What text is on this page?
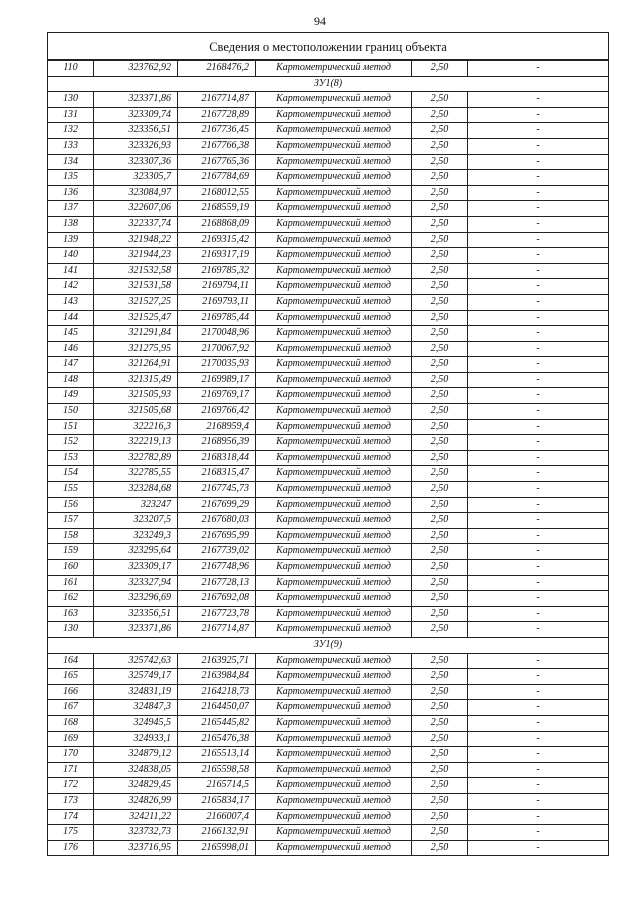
94
Сведения о местоположении границ объекта
110	323762,92	2168476,2	Картометрический метод	2,50	-
ЗУ1(8)					
130	323371,86	2167714,87	Картометрический метод	2,50	-
131	323309,74	2167728,89	Картометрический метод	2,50	-
132	323356,51	2167736,45	Картометрический метод	2,50	-
133	323326,93	2167766,38	Картометрический метод	2,50	-
134	323307,36	2167765,36	Картометрический метод	2,50	-
135	323305,7	2167784,69	Картометрический метод	2,50	-
136	323084,97	2168012,55	Картометрический метод	2,50	-
137	322607,06	2168559,19	Картометрический метод	2,50	-
138	322337,74	2168868,09	Картометрический метод	2,50	-
139	321948,22	2169315,42	Картометрический метод	2,50	-
140	321944,23	2169317,19	Картометрический метод	2,50	-
141	321532,58	2169785,32	Картометрический метод	2,50	-
142	321531,58	2169794,11	Картометрический метод	2,50	-
143	321527,25	2169793,11	Картометрический метод	2,50	-
144	321525,47	2169785,44	Картометрический метод	2,50	-
145	321291,84	2170048,96	Картометрический метод	2,50	-
146	321275,95	2170067,92	Картометрический метод	2,50	-
147	321264,91	2170035,93	Картометрический метод	2,50	-
148	321315,49	2169989,17	Картометрический метод	2,50	-
149	321505,93	2169769,17	Картометрический метод	2,50	-
150	321505,68	2169766,42	Картометрический метод	2,50	-
151	322216,3	2168959,4	Картометрический метод	2,50	-
152	322219,13	2168956,39	Картометрический метод	2,50	-
153	322782,89	2168318,44	Картометрический метод	2,50	-
154	322785,55	2168315,47	Картометрический метод	2,50	-
155	323284,68	2167745,73	Картометрический метод	2,50	-
156	323247	2167699,29	Картометрический метод	2,50	-
157	323207,5	2167680,03	Картометрический метод	2,50	-
158	323249,3	2167695,99	Картометрический метод	2,50	-
159	323295,64	2167739,02	Картометрический метод	2,50	-
160	323309,17	2167748,96	Картометрический метод	2,50	-
161	323327,94	2167728,13	Картометрический метод	2,50	-
162	323296,69	2167692,08	Картометрический метод	2,50	-
163	323356,51	2167723,78	Картометрический метод	2,50	-
130	323371,86	2167714,87	Картометрический метод	2,50	-
ЗУ1(9)					
164	325742,63	2163925,71	Картометрический метод	2,50	-
165	325749,17	2163984,84	Картометрический метод	2,50	-
166	324831,19	2164218,73	Картометрический метод	2,50	-
167	324847,3	2164450,07	Картометрический метод	2,50	-
168	324945,5	2165445,82	Картометрический метод	2,50	-
169	324933,1	2165476,38	Картометрический метод	2,50	-
170	324879,12	2165513,14	Картометрический метод	2,50	-
171	324838,05	2165598,58	Картометрический метод	2,50	-
172	324829,45	2165714,5	Картометрический метод	2,50	-
173	324826,99	2165834,17	Картометрический метод	2,50	-
174	324211,22	2166007,4	Картометрический метод	2,50	-
175	323732,73	2166132,91	Картометрический метод	2,50	-
176	323716,95	2165998,01	Картометрический метод	2,50	-
